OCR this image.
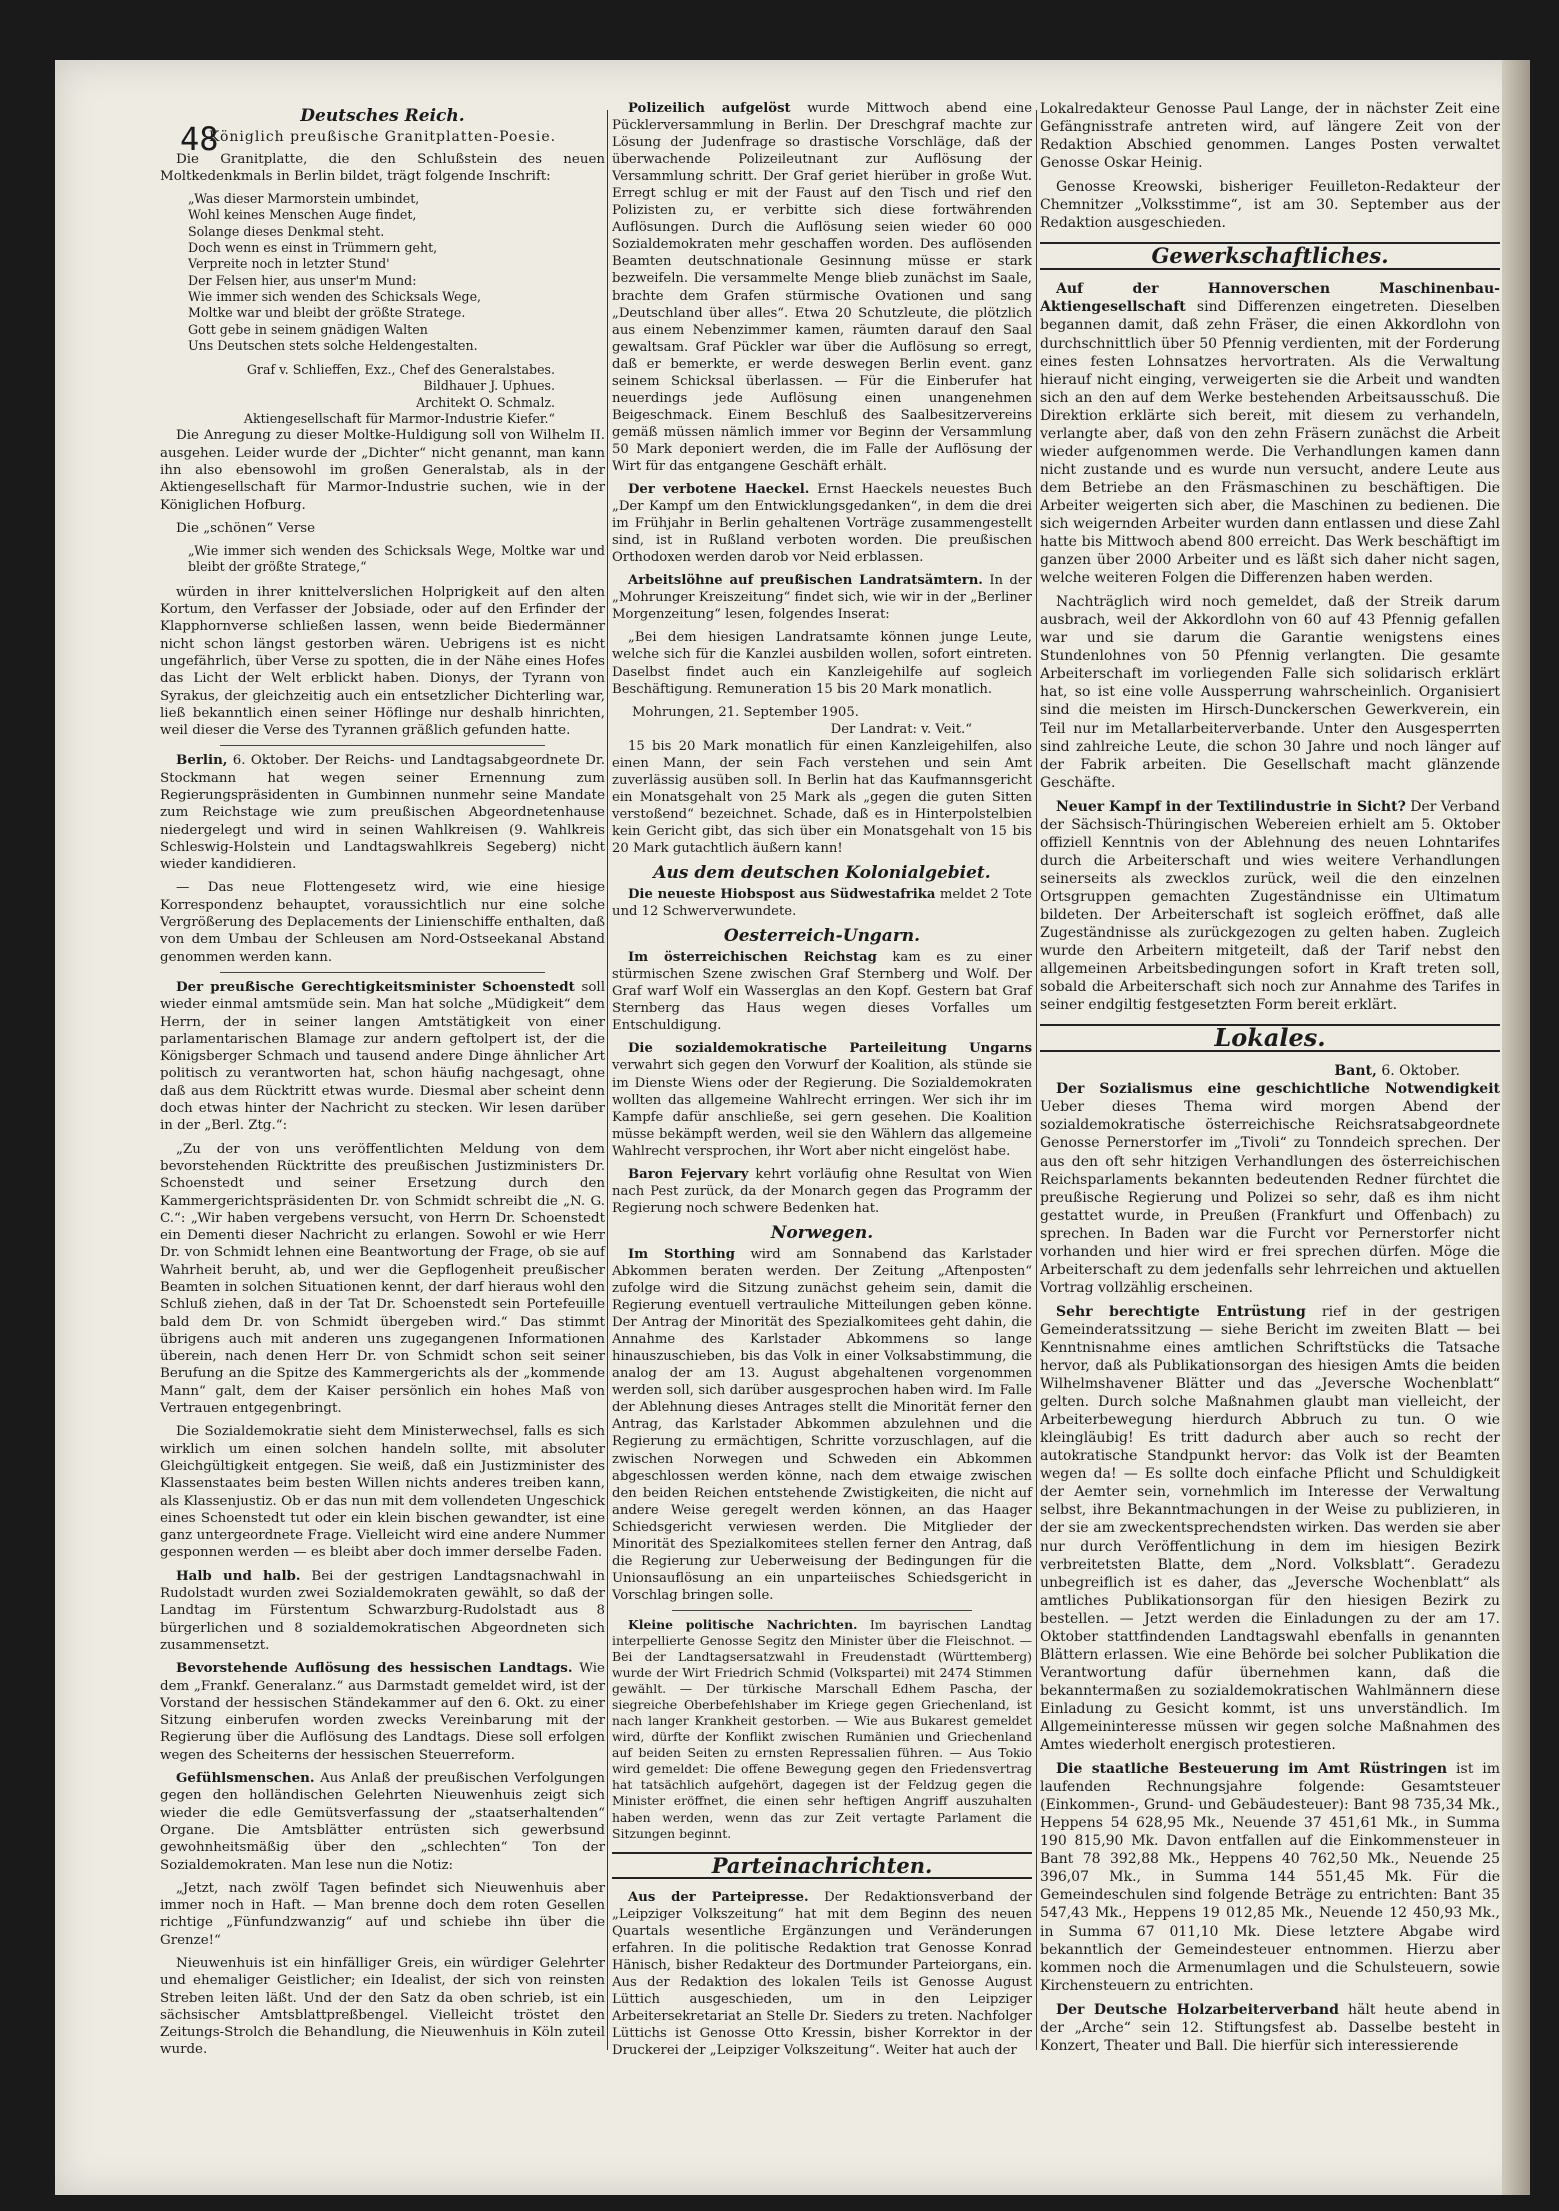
48
Deutsches Reich.
Königlich preußische Granitplatten-Poesie.

Die Granitplatte, die den Schlußstein des neuen Moltkedenkmals in Berlin bildet, trägt folgende Inschrift:

„Was dieser Marmorstein umbindet,
Wohl keines Menschen Auge findet,
Solange dieses Denkmal steht.
Doch wenn es einst in Trümmern geht,
Verpreite noch in letzter Stund'
Der Felsen hier, aus unser'm Mund:
Wie immer sich wenden des Schicksals Wege,
Moltke war und bleibt der größte Stratege.
Gott gebe in seinem gnädigen Walten
Uns Deutschen stets solche Heldengestalten.
Graf v. Schlieffen, Exz., Chef des Generalstabes.
Bildhauer J. Uphues.
Architekt O. Schmalz.
Aktiengesellschaft für Marmor-Industrie Kiefer.“

Die Anregung zu dieser Moltke-Huldigung soll von Wilhelm II. ausgehen. Leider wurde der „Dichter“ nicht genannt, man kann ihn also ebensowohl im großen Generalstab, als in der Aktiengesellschaft für Marmor-Industrie suchen, wie in der Königlichen Hofburg.

Die „schönen“ Verse

„Wie immer sich wenden des Schicksals Wege, Moltke war und bleibt der größte Stratege,“

würden in ihrer knittelverslichen Holprigkeit auf den alten Kortum, den Verfasser der Jobsiade, oder auf den Erfinder der Klapphornverse schließen lassen, wenn beide Biedermänner nicht schon längst gestorben wären. Uebrigens ist es nicht ungefährlich, über Verse zu spotten, die in der Nähe eines Hofes das Licht der Welt erblickt haben. Dionys, der Tyrann von Syrakus, der gleichzeitig auch ein entsetzlicher Dichterling war, ließ bekanntlich einen seiner Höflinge nur deshalb hinrichten, weil dieser die Verse des Tyrannen gräßlich gefunden hatte.

Berlin, 6. Oktober. Der Reichs- und Landtagsabgeordnete Dr. Stockmann hat wegen seiner Ernennung zum Regierungspräsidenten in Gumbinnen nunmehr seine Mandate zum Reichstage wie zum preußischen Abgeordnetenhause niedergelegt und wird in seinen Wahlkreisen (9. Wahlkreis Schleswig-Holstein und Landtagswahlkreis Segeberg) nicht wieder kandidieren.

— Das neue Flottengesetz wird, wie eine hiesige Korrespondenz behauptet, voraussichtlich nur eine solche Vergrößerung des Deplacements der Linienschiffe enthalten, daß von dem Umbau der Schleusen am Nord-Ostseekanal Abstand genommen werden kann.

Der preußische Gerechtigkeitsminister Schoenstedt soll wieder einmal amtsmüde sein. Man hat solche „Müdigkeit“ dem Herrn, der in seiner langen Amtstätigkeit von einer parlamentarischen Blamage zur andern geftolpert ist, der die Königsberger Schmach und tausend andere Dinge ähnlicher Art politisch zu verantworten hat, schon häufig nachgesagt, ohne daß aus dem Rücktritt etwas wurde. Diesmal aber scheint denn doch etwas hinter der Nachricht zu stecken. Wir lesen darüber in der „Berl. Ztg.“:

„Zu der von uns veröffentlichten Meldung von dem bevorstehenden Rücktritte des preußischen Justizministers Dr. Schoenstedt und seiner Ersetzung durch den Kammergerichtspräsidenten Dr. von Schmidt schreibt die „N. G. C.“: „Wir haben vergebens versucht, von Herrn Dr. Schoenstedt ein Dementi dieser Nachricht zu erlangen. Sowohl er wie Herr Dr. von Schmidt lehnen eine Beantwortung der Frage, ob sie auf Wahrheit beruht, ab, und wer die Gepflogenheit preußischer Beamten in solchen Situationen kennt, der darf hieraus wohl den Schluß ziehen, daß in der Tat Dr. Schoenstedt sein Portefeuille bald dem Dr. von Schmidt übergeben wird.“ Das stimmt übrigens auch mit anderen uns zugegangenen Informationen überein, nach denen Herr Dr. von Schmidt schon seit seiner Berufung an die Spitze des Kammergerichts als der „kommende Mann“ galt, dem der Kaiser persönlich ein hohes Maß von Vertrauen entgegenbringt.

Die Sozialdemokratie sieht dem Ministerwechsel, falls es sich wirklich um einen solchen handeln sollte, mit absoluter Gleichgültigkeit entgegen. Sie weiß, daß ein Justizminister des Klassenstaates beim besten Willen nichts anderes treiben kann, als Klassenjustiz. Ob er das nun mit dem vollendeten Ungeschick eines Schoenstedt tut oder ein klein bischen gewandter, ist eine ganz untergeordnete Frage. Vielleicht wird eine andere Nummer gesponnen werden — es bleibt aber doch immer derselbe Faden.

Halb und halb. Bei der gestrigen Landtagsnachwahl in Rudolstadt wurden zwei Sozialdemokraten gewählt, so daß der Landtag im Fürstentum Schwarzburg-Rudolstadt aus 8 bürgerlichen und 8 sozialdemokratischen Abgeordneten sich zusammensetzt.

Bevorstehende Auflösung des hessischen Landtags. Wie dem „Frankf. Generalanz.“ aus Darmstadt gemeldet wird, ist der Vorstand der hessischen Ständekammer auf den 6. Okt. zu einer Sitzung einberufen worden zwecks Vereinbarung mit der Regierung über die Auflösung des Landtags. Diese soll erfolgen wegen des Scheiterns der hessischen Steuerreform.

Gefühlsmenschen. Aus Anlaß der preußischen Verfolgungen gegen den holländischen Gelehrten Nieuwenhuis zeigt sich wieder die edle Gemütsverfassung der „staatserhaltenden“ Organe. Die Amtsblätter entrüsten sich gewerbsund gewohnheitsmäßig über den „schlechten“ Ton der Sozialdemokraten. Man lese nun die Notiz:

„Jetzt, nach zwölf Tagen befindet sich Nieuwenhuis aber immer noch in Haft. — Man brenne doch dem roten Gesellen richtige „Fünfundzwanzig“ auf und schiebe ihn über die Grenze!“

Nieuwenhuis ist ein hinfälliger Greis, ein würdiger Gelehrter und ehemaliger Geistlicher; ein Idealist, der sich von reinsten Streben leiten läßt. Und der den Satz da oben schrieb, ist ein sächsischer Amtsblattpreßbengel. Vielleicht tröstet den Zeitungs-Strolch die Behandlung, die Nieuwenhuis in Köln zuteil wurde.

Polizeilich aufgelöst wurde Mittwoch abend eine Pücklerversammlung in Berlin. Der Dreschgraf machte zur Lösung der Judenfrage so drastische Vorschläge, daß der überwachende Polizeileutnant zur Auflösung der Versammlung schritt. Der Graf geriet hierüber in große Wut. Erregt schlug er mit der Faust auf den Tisch und rief den Polizisten zu, er verbitte sich diese fortwährenden Auflösungen. Durch die Auflösung seien wieder 60 000 Sozialdemokraten mehr geschaffen worden. Des auflösenden Beamten deutschnationale Gesinnung müsse er stark bezweifeln. Die versammelte Menge blieb zunächst im Saale, brachte dem Grafen stürmische Ovationen und sang „Deutschland über alles“. Etwa 20 Schutzleute, die plötzlich aus einem Nebenzimmer kamen, räumten darauf den Saal gewaltsam. Graf Pückler war über die Auflösung so erregt, daß er bemerkte, er werde deswegen Berlin event. ganz seinem Schicksal überlassen. — Für die Einberufer hat neuerdings jede Auflösung einen unangenehmen Beigeschmack. Einem Beschluß des Saalbesitzervereins gemäß müssen nämlich immer vor Beginn der Versammlung 50 Mark deponiert werden, die im Falle der Auflösung der Wirt für das entgangene Geschäft erhält.

Der verbotene Haeckel. Ernst Haeckels neuestes Buch „Der Kampf um den Entwicklungsgedanken“, in dem die drei im Frühjahr in Berlin gehaltenen Vorträge zusammengestellt sind, ist in Rußland verboten worden. Die preußischen Orthodoxen werden darob vor Neid erblassen.

Arbeitslöhne auf preußischen Landratsämtern. In der „Mohrunger Kreiszeitung“ findet sich, wie wir in der „Berliner Morgenzeitung“ lesen, folgendes Inserat:

„Bei dem hiesigen Landratsamte können junge Leute, welche sich für die Kanzlei ausbilden wollen, sofort eintreten. Daselbst findet auch ein Kanzleigehilfe auf sogleich Beschäftigung. Remuneration 15 bis 20 Mark monatlich.

Mohrungen, 21. September 1905.
Der Landrat: v. Veit.“

15 bis 20 Mark monatlich für einen Kanzleigehilfen, also einen Mann, der sein Fach verstehen und sein Amt zuverlässig ausüben soll. In Berlin hat das Kaufmannsgericht ein Monatsgehalt von 25 Mark als „gegen die guten Sitten verstoßend“ bezeichnet. Schade, daß es in Hinterpolstelbien kein Gericht gibt, das sich über ein Monatsgehalt von 15 bis 20 Mark gutachtlich äußern kann!

Aus dem deutschen Kolonialgebiet.

Die neueste Hiobspost aus Südwestafrika meldet 2 Tote und 12 Schwerverwundete.

Oesterreich-Ungarn.

Im österreichischen Reichstag kam es zu einer stürmischen Szene zwischen Graf Sternberg und Wolf. Der Graf warf Wolf ein Wasserglas an den Kopf. Gestern bat Graf Sternberg das Haus wegen dieses Vorfalles um Entschuldigung.

Die sozialdemokratische Parteileitung Ungarns verwahrt sich gegen den Vorwurf der Koalition, als stünde sie im Dienste Wiens oder der Regierung. Die Sozialdemokraten wollten das allgemeine Wahlrecht erringen. Wer sich ihr im Kampfe dafür anschließe, sei gern gesehen. Die Koalition müsse bekämpft werden, weil sie den Wählern das allgemeine Wahlrecht versprochen, ihr Wort aber nicht eingelöst habe.

Baron Fejervary kehrt vorläufig ohne Resultat von Wien nach Pest zurück, da der Monarch gegen das Programm der Regierung noch schwere Bedenken hat.

Norwegen.

Im Storthing wird am Sonnabend das Karlstader Abkommen beraten werden. Der Zeitung „Aftenposten“ zufolge wird die Sitzung zunächst geheim sein, damit die Regierung eventuell vertrauliche Mitteilungen geben könne. Der Antrag der Minorität des Spezialkomitees geht dahin, die Annahme des Karlstader Abkommens so lange hinauszuschieben, bis das Volk in einer Volksabstimmung, die analog der am 13. August abgehaltenen vorgenommen werden soll, sich darüber ausgesprochen haben wird. Im Falle der Ablehnung dieses Antrages stellt die Minorität ferner den Antrag, das Karlstader Abkommen abzulehnen und die Regierung zu ermächtigen, Schritte vorzuschlagen, auf die zwischen Norwegen und Schweden ein Abkommen abgeschlossen werden könne, nach dem etwaige zwischen den beiden Reichen entstehende Zwistigkeiten, die nicht auf andere Weise geregelt werden können, an das Haager Schiedsgericht verwiesen werden. Die Mitglieder der Minorität des Spezialkomitees stellen ferner den Antrag, daß die Regierung zur Ueberweisung der Bedingungen für die Unionsauflösung an ein unparteiisches Schiedsgericht in Vorschlag bringen solle.

Kleine politische Nachrichten. Im bayrischen Landtag interpellierte Genosse Segitz den Minister über die Fleischnot. — Bei der Landtagsersatzwahl in Freudenstadt (Württemberg) wurde der Wirt Friedrich Schmid (Volkspartei) mit 2474 Stimmen gewählt. — Der türkische Marschall Edhem Pascha, der siegreiche Oberbefehlshaber im Kriege gegen Griechenland, ist nach langer Krankheit gestorben. — Wie aus Bukarest gemeldet wird, dürfte der Konflikt zwischen Rumänien und Griechenland auf beiden Seiten zu ernsten Repressalien führen. — Aus Tokio wird gemeldet: Die offene Bewegung gegen den Friedensvertrag hat tatsächlich aufgehört, dagegen ist der Feldzug gegen die Minister eröffnet, die einen sehr heftigen Angriff auszuhalten haben werden, wenn das zur Zeit vertagte Parlament die Sitzungen beginnt.

Parteinachrichten.

Aus der Parteipresse. Der Redaktionsverband der „Leipziger Volkszeitung“ hat mit dem Beginn des neuen Quartals wesentliche Ergänzungen und Veränderungen erfahren. In die politische Redaktion trat Genosse Konrad Hänisch, bisher Redakteur des Dortmunder Parteiorgans, ein. Aus der Redaktion des lokalen Teils ist Genosse August Lüttich ausgeschieden, um in den Leipziger Arbeitersekretariat an Stelle Dr. Sieders zu treten. Nachfolger Lüttichs ist Genosse Otto Kressin, bisher Korrektor in der Druckerei der „Leipziger Volkszeitung“. Weiter hat auch der

Lokalredakteur Genosse Paul Lange, der in nächster Zeit eine Gefängnisstrafe antreten wird, auf längere Zeit von der Redaktion Abschied genommen. Langes Posten verwaltet Genosse Oskar Heinig.

Genosse Kreowski, bisheriger Feuilleton-Redakteur der Chemnitzer „Volksstimme“, ist am 30. September aus der Redaktion ausgeschieden.

Gewerkschaftliches.

Auf der Hannoverschen Maschinenbau-Aktiengesellschaft sind Differenzen eingetreten. Dieselben begannen damit, daß zehn Fräser, die einen Akkordlohn von durchschnittlich über 50 Pfennig verdienten, mit der Forderung eines festen Lohnsatzes hervortraten. Als die Verwaltung hierauf nicht einging, verweigerten sie die Arbeit und wandten sich an den auf dem Werke bestehenden Arbeitsausschuß. Die Direktion erklärte sich bereit, mit diesem zu verhandeln, verlangte aber, daß von den zehn Fräsern zunächst die Arbeit wieder aufgenommen werde. Die Verhandlungen kamen dann nicht zustande und es wurde nun versucht, andere Leute aus dem Betriebe an den Fräsmaschinen zu beschäftigen. Die Arbeiter weigerten sich aber, die Maschinen zu bedienen. Die sich weigernden Arbeiter wurden dann entlassen und diese Zahl hatte bis Mittwoch abend 800 erreicht. Das Werk beschäftigt im ganzen über 2000 Arbeiter und es läßt sich daher nicht sagen, welche weiteren Folgen die Differenzen haben werden.

Nachträglich wird noch gemeldet, daß der Streik darum ausbrach, weil der Akkordlohn von 60 auf 43 Pfennig gefallen war und sie darum die Garantie wenigstens eines Stundenlohnes von 50 Pfennig verlangten. Die gesamte Arbeiterschaft im vorliegenden Falle sich solidarisch erklärt hat, so ist eine volle Aussperrung wahrscheinlich. Organisiert sind die meisten im Hirsch-Dunckerschen Gewerkverein, ein Teil nur im Metallarbeiterverbande. Unter den Ausgesperrten sind zahlreiche Leute, die schon 30 Jahre und noch länger auf der Fabrik arbeiten. Die Gesellschaft macht glänzende Geschäfte.

Neuer Kampf in der Textilindustrie in Sicht? Der Verband der Sächsisch-Thüringischen Webereien erhielt am 5. Oktober offiziell Kenntnis von der Ablehnung des neuen Lohntarifes durch die Arbeiterschaft und wies weitere Verhandlungen seinerseits als zwecklos zurück, weil die den einzelnen Ortsgruppen gemachten Zugeständnisse ein Ultimatum bildeten. Der Arbeiterschaft ist sogleich eröffnet, daß alle Zugeständnisse als zurückgezogen zu gelten haben. Zugleich wurde den Arbeitern mitgeteilt, daß der Tarif nebst den allgemeinen Arbeitsbedingungen sofort in Kraft treten soll, sobald die Arbeiterschaft sich noch zur Annahme des Tarifes in seiner endgiltig festgesetzten Form bereit erklärt.

Lokales.
Bant, 6. Oktober.

Der Sozialismus eine geschichtliche Notwendigkeit Ueber dieses Thema wird morgen Abend der sozialdemokratische österreichische Reichsratsabgeordnete Genosse Pernerstorfer im „Tivoli“ zu Tonndeich sprechen. Der aus den oft sehr hitzigen Verhandlungen des österreichischen Reichsparlaments bekannten bedeutenden Redner fürchtet die preußische Regierung und Polizei so sehr, daß es ihm nicht gestattet wurde, in Preußen (Frankfurt und Offenbach) zu sprechen. In Baden war die Furcht vor Pernerstorfer nicht vorhanden und hier wird er frei sprechen dürfen. Möge die Arbeiterschaft zu dem jedenfalls sehr lehrreichen und aktuellen Vortrag vollzählig erscheinen.

Sehr berechtigte Entrüstung rief in der gestrigen Gemeinderatssitzung — siehe Bericht im zweiten Blatt — bei Kenntnisnahme eines amtlichen Schriftstücks die Tatsache hervor, daß als Publikationsorgan des hiesigen Amts die beiden Wilhelmshavener Blätter und das „Jeversche Wochenblatt“ gelten. Durch solche Maßnahmen glaubt man vielleicht, der Arbeiterbewegung hierdurch Abbruch zu tun. O wie kleingläubig! Es tritt dadurch aber auch so recht der autokratische Standpunkt hervor: das Volk ist der Beamten wegen da! — Es sollte doch einfache Pflicht und Schuldigkeit der Aemter sein, vornehmlich im Interesse der Verwaltung selbst, ihre Bekanntmachungen in der Weise zu publizieren, in der sie am zweckentsprechendsten wirken. Das werden sie aber nur durch Veröffentlichung in dem im hiesigen Bezirk verbreitetsten Blatte, dem „Nord. Volksblatt“. Geradezu unbegreiflich ist es daher, das „Jeversche Wochenblatt“ als amtliches Publikationsorgan für den hiesigen Bezirk zu bestellen. — Jetzt werden die Einladungen zu der am 17. Oktober stattfindenden Landtagswahl ebenfalls in genannten Blättern erlassen. Wie eine Behörde bei solcher Publikation die Verantwortung dafür übernehmen kann, daß die bekanntermaßen zu sozialdemokratischen Wahlmännern diese Einladung zu Gesicht kommt, ist uns unverständlich. Im Allgemeininteresse müssen wir gegen solche Maßnahmen des Amtes wiederholt energisch protestieren.

Die staatliche Besteuerung im Amt Rüstringen ist im laufenden Rechnungsjahre folgende: Gesamtsteuer (Einkommen-, Grund- und Gebäudesteuer): Bant 98 735,34 Mk., Heppens 54 628,95 Mk., Neuende 37 451,61 Mk., in Summa 190 815,90 Mk. Davon entfallen auf die Einkommensteuer in Bant 78 392,88 Mk., Heppens 40 762,50 Mk., Neuende 25 396,07 Mk., in Summa 144 551,45 Mk. Für die Gemeindeschulen sind folgende Beträge zu entrichten: Bant 35 547,43 Mk., Heppens 19 012,85 Mk., Neuende 12 450,93 Mk., in Summa 67 011,10 Mk. Diese letztere Abgabe wird bekanntlich der Gemeindesteuer entnommen. Hierzu aber kommen noch die Armenumlagen und die Schulsteuern, sowie Kirchensteuern zu entrichten.

Der Deutsche Holzarbeiterverband hält heute abend in der „Arche“ sein 12. Stiftungsfest ab. Dasselbe besteht in Konzert, Theater und Ball. Die hierfür sich interessierende
